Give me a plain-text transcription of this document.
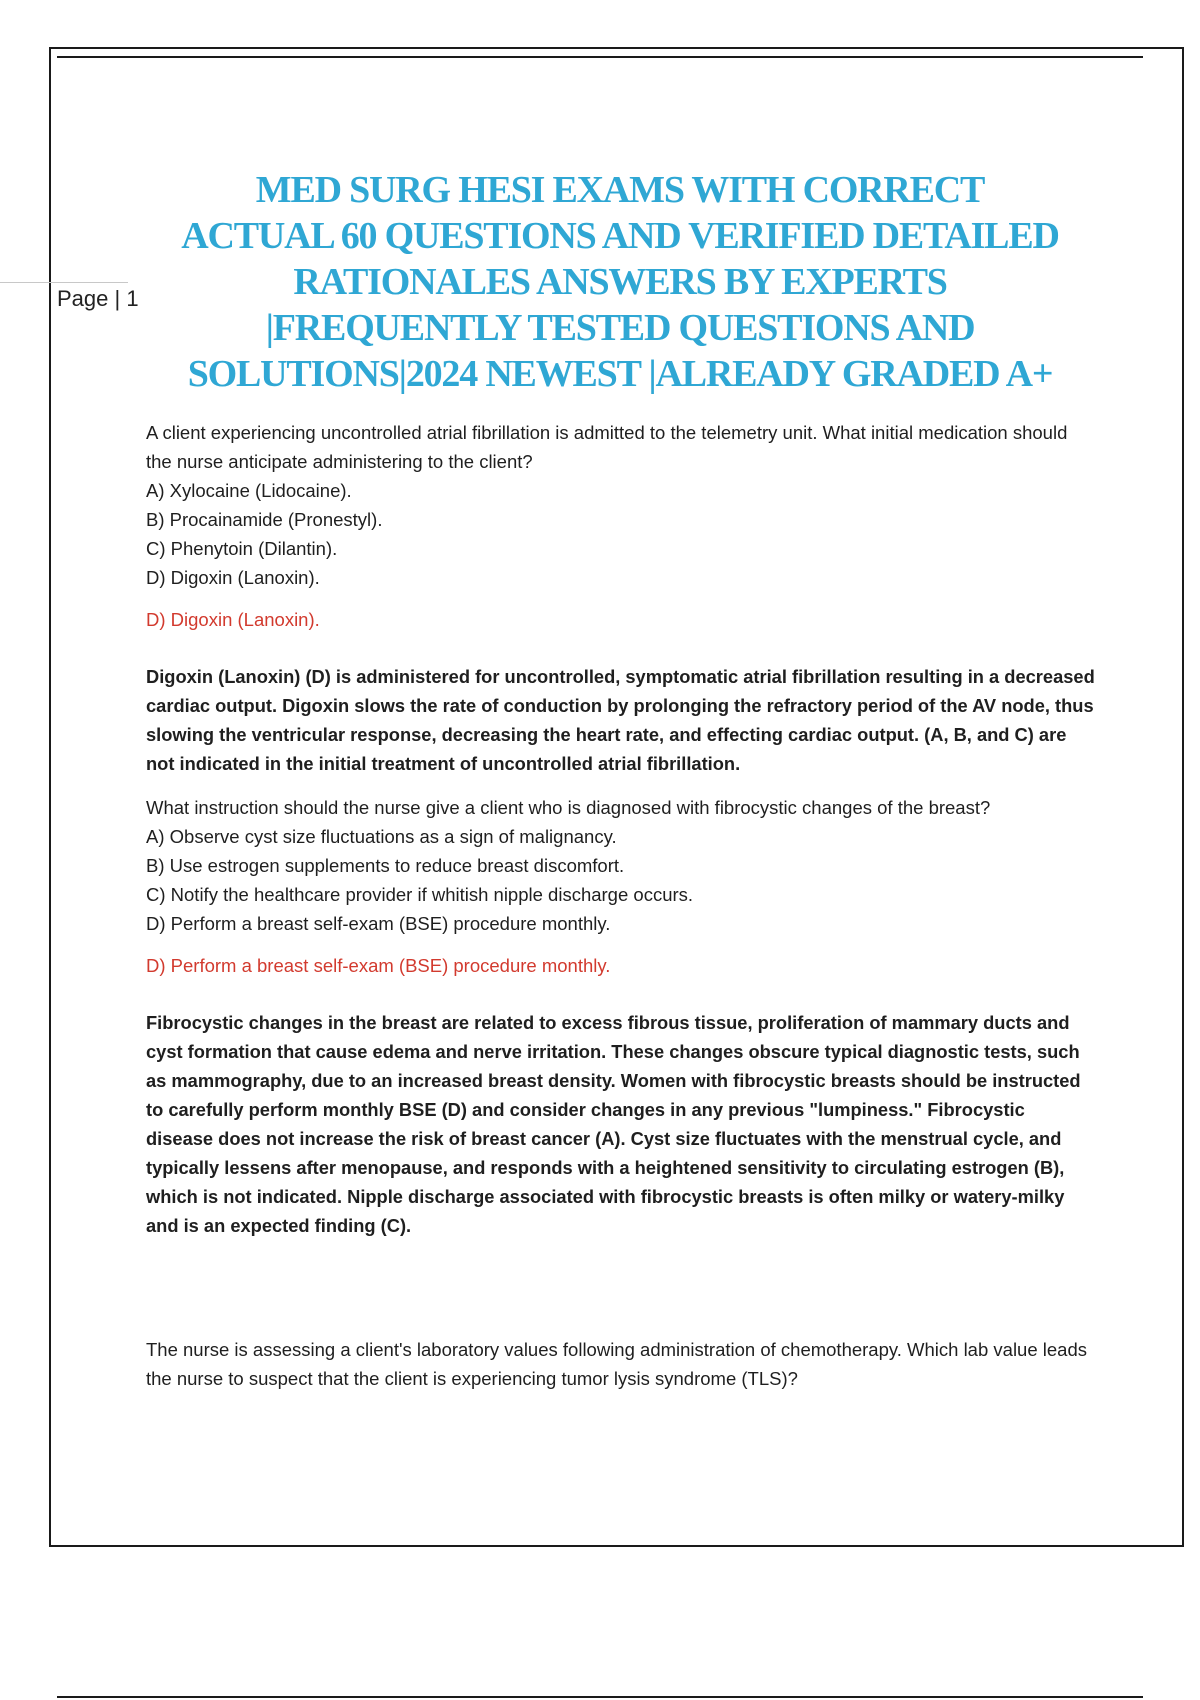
Page | 1
MED SURG HESI EXAMS WITH CORRECT
ACTUAL 60 QUESTIONS AND VERIFIED DETAILED
RATIONALES ANSWERS BY EXPERTS
|FREQUENTLY TESTED QUESTIONS AND
SOLUTIONS|2024 NEWEST |ALREADY GRADED A+

A client experiencing uncontrolled atrial fibrillation is admitted to the telemetry unit. What initial medication should the nurse anticipate administering to the client?

A) Xylocaine (Lidocaine).

B) Procainamide (Pronestyl).

C) Phenytoin (Dilantin).

D) Digoxin (Lanoxin).

D) Digoxin (Lanoxin).

Digoxin (Lanoxin) (D) is administered for uncontrolled, symptomatic atrial fibrillation resulting in a decreased cardiac output. Digoxin slows the rate of conduction by prolonging the refractory period of the AV node, thus slowing the ventricular response, decreasing the heart rate, and effecting cardiac output. (A, B, and C) are not indicated in the initial treatment of uncontrolled atrial fibrillation.

What instruction should the nurse give a client who is diagnosed with fibrocystic changes of the breast?

A) Observe cyst size fluctuations as a sign of malignancy.

B) Use estrogen supplements to reduce breast discomfort.

C) Notify the healthcare provider if whitish nipple discharge occurs.

D) Perform a breast self-exam (BSE) procedure monthly.

D) Perform a breast self-exam (BSE) procedure monthly.

Fibrocystic changes in the breast are related to excess fibrous tissue, proliferation of mammary ducts and cyst formation that cause edema and nerve irritation. These changes obscure typical diagnostic tests, such as mammography, due to an increased breast density. Women with fibrocystic breasts should be instructed to carefully perform monthly BSE (D) and consider changes in any previous "lumpiness." Fibrocystic disease does not increase the risk of breast cancer (A). Cyst size fluctuates with the menstrual cycle, and typically lessens after menopause, and responds with a heightened sensitivity to circulating estrogen (B), which is not indicated. Nipple discharge associated with fibrocystic breasts is often milky or watery-milky and is an expected finding (C).

The nurse is assessing a client's laboratory values following administration of chemotherapy. Which lab value leads the nurse to suspect that the client is experiencing tumor lysis syndrome (TLS)?
